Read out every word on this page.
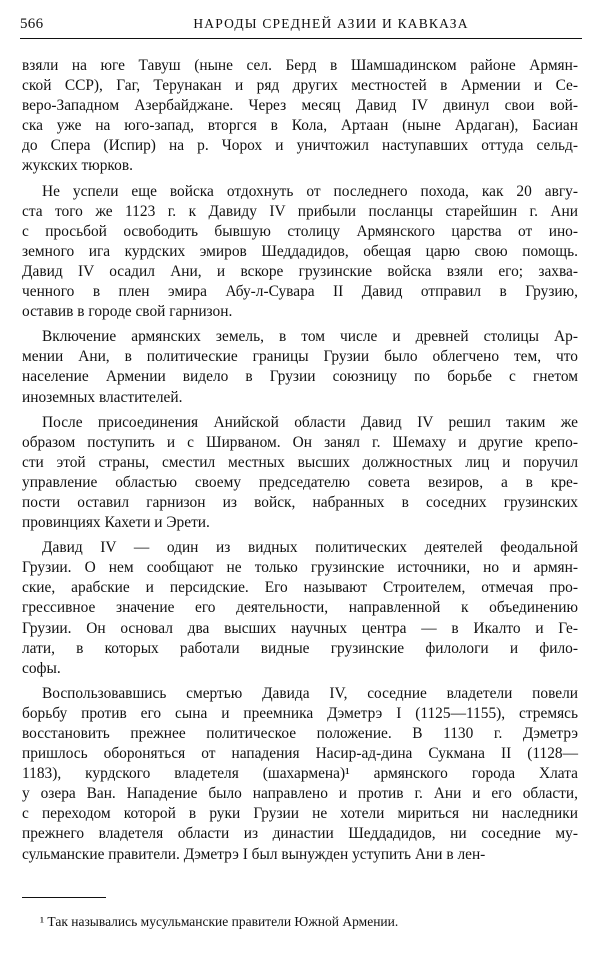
566	НАРОДЫ СРЕДНЕЙ АЗИИ И КАВКАЗА

взяли на юге Тавуш (ныне сел. Берд в Шамшадинском районе Армян-
ской ССР), Гаг, Терунакан и ряд других местностей в Армении и Се-
веро-Западном Азербайджане. Через месяц Давид IV двинул свои вой-
ска уже на юго-запад, вторгся в Кола, Артаан (ныне Ардаган), Басиан
до Спера (Испир) на р. Чорох и уничтожил наступавших оттуда сельд-
жукских тюрков.

Не успели еще войска отдохнуть от последнего похода, как 20 авгу-
ста того же 1123 г. к Давиду IV прибыли посланцы старейшин г. Ани
с просьбой освободить бывшую столицу Армянского царства от ино-
земного ига курдских эмиров Шеддадидов, обещая царю свою помощь.
Давид IV осадил Ани, и вскоре грузинские войска взяли его; захва-
ченного в плен эмира Абу-л-Сувара II Давид отправил в Грузию,
оставив в городе свой гарнизон.

Включение армянских земель, в том числе и древней столицы Ар-
мении Ани, в политические границы Грузии было облегчено тем, что
население Армении видело в Грузии союзницу по борьбе с гнетом
иноземных властителей.

После присоединения Анийской области Давид IV решил таким же
образом поступить и с Ширваном. Он занял г. Шемаху и другие крепо-
сти этой страны, сместил местных высших должностных лиц и поручил
управление областью своему председателю совета везиров, а в кре-
пости оставил гарнизон из войск, набранных в соседних грузинских
провинциях Кахети и Эрети.

Давид IV — один из видных политических деятелей феодальной
Грузии. О нем сообщают не только грузинские источники, но и армян-
ские, арабские и персидские. Его называют Строителем, отмечая про-
грессивное значение его деятельности, направленной к объединению
Грузии. Он основал два высших научных центра — в Икалто и Ге-
лати, в которых работали видные грузинские филологи и фило-
софы.

Воспользовавшись смертью Давида IV, соседние владетели повели
борьбу против его сына и преемника Дэметрэ I (1125—1155), стремясь
восстановить прежнее политическое положение. В 1130 г. Дэметрэ
пришлось обороняться от нападения Насир-ад-дина Сукмана II (1128—
1183), курдского владетеля (шахармена)¹ армянского города Хлата
у озера Ван. Нападение было направлено и против г. Ани и его области,
с переходом которой в руки Грузии не хотели мириться ни наследники
прежнего владетеля области из династии Шеддадидов, ни соседние му-
сульманские правители. Дэметрэ I был вынужден уступить Ани в лен-

¹ Так назывались мусульманские правители Южной Армении.
